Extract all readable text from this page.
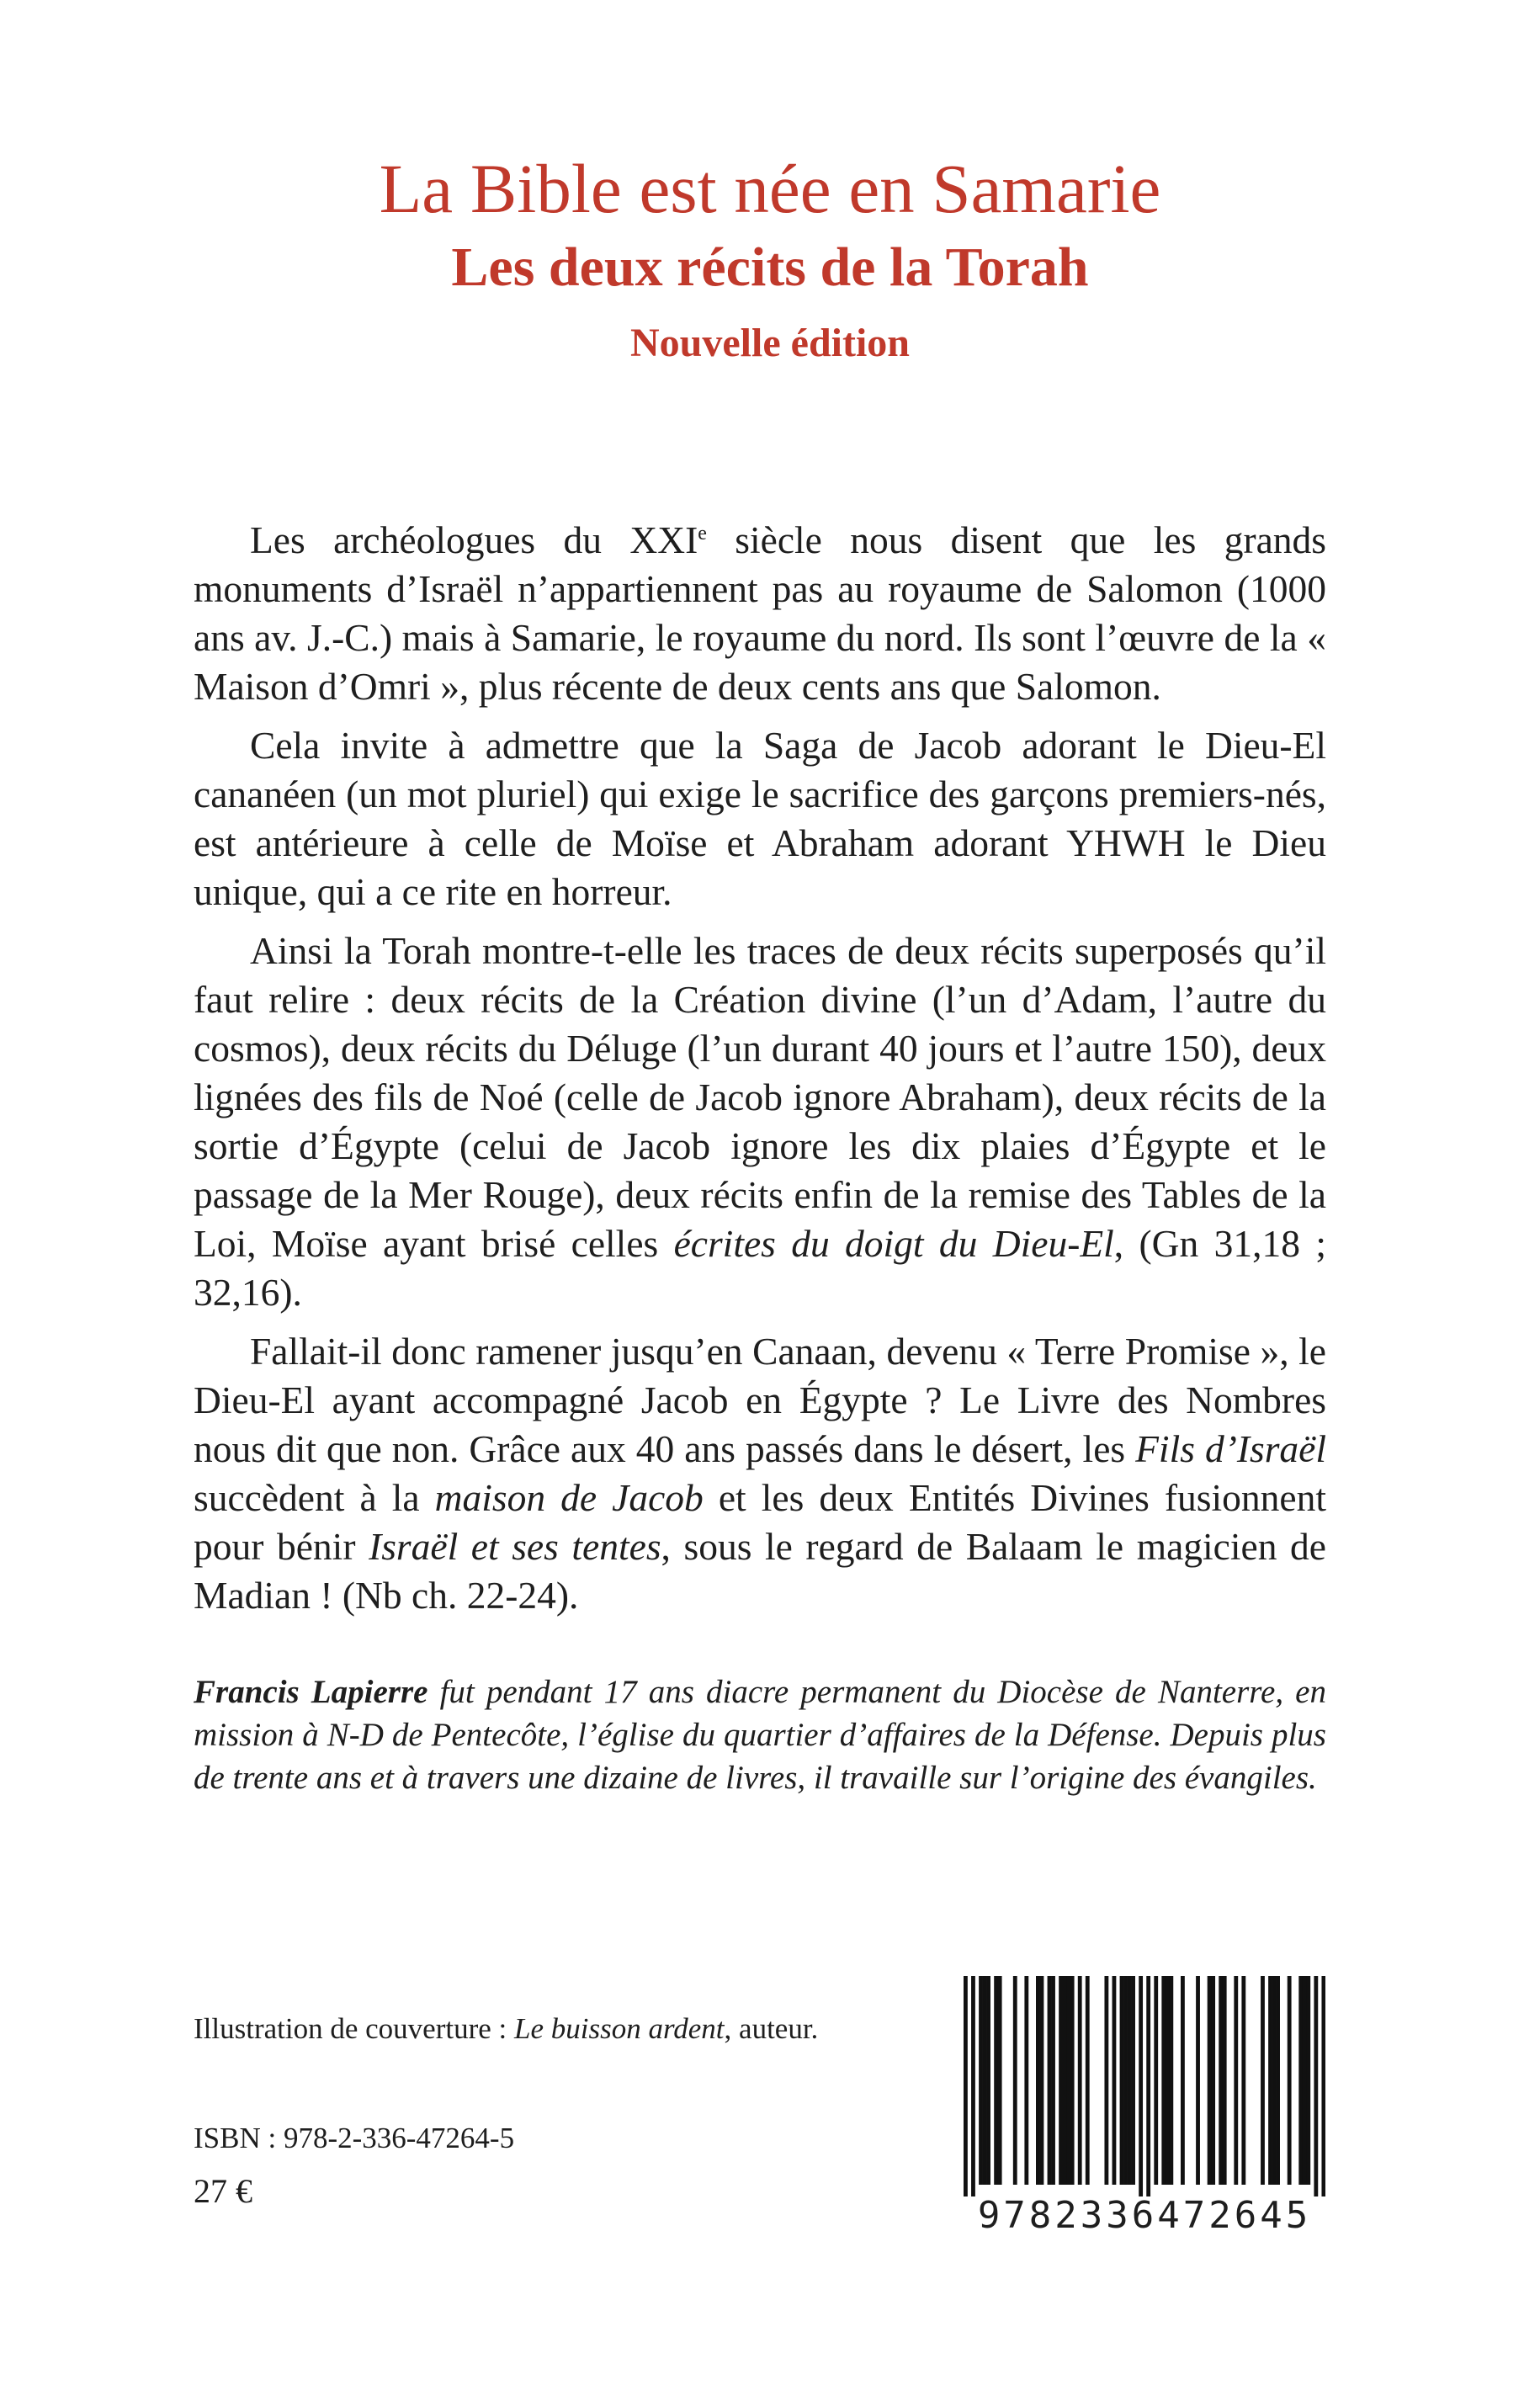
La Bible est née en Samarie
Les deux récits de la Torah
Nouvelle édition

Les archéologues du XXIe siècle nous disent que les grands monuments d’Israël n’appartiennent pas au royaume de Salomon (1000 ans av. J.-C.) mais à Samarie, le royaume du nord. Ils sont l’œuvre de la « Maison d’Omri », plus récente de deux cents ans que Salomon.

Cela invite à admettre que la Saga de Jacob adorant le Dieu-El cananéen (un mot pluriel) qui exige le sacrifice des garçons premiers-nés, est antérieure à celle de Moïse et Abraham adorant YHWH le Dieu unique, qui a ce rite en horreur.

Ainsi la Torah montre-t-elle les traces de deux récits superposés qu’il faut relire : deux récits de la Création divine (l’un d’Adam, l’autre du cosmos), deux récits du Déluge (l’un durant 40 jours et l’autre 150), deux lignées des fils de Noé (celle de Jacob ignore Abraham), deux récits de la sortie d’Égypte (celui de Jacob ignore les dix plaies d’Égypte et le passage de la Mer Rouge), deux récits enfin de la remise des Tables de la Loi, Moïse ayant brisé celles écrites du doigt du Dieu-El, (Gn 31,18 ; 32,16).

Fallait-il donc ramener jusqu’en Canaan, devenu « Terre Promise », le Dieu-El ayant accompagné Jacob en Égypte ? Le Livre des Nombres nous dit que non. Grâce aux 40 ans passés dans le désert, les Fils d’Israël succèdent à la maison de Jacob et les deux Entités Divines fusionnent pour bénir Israël et ses tentes, sous le regard de Balaam le magicien de Madian ! (Nb ch. 22-24).

Francis Lapierre fut pendant 17 ans diacre permanent du Diocèse de Nanterre, en mission à N-D de Pentecôte, l’église du quartier d’affaires de la Défense. Depuis plus de trente ans et à travers une dizaine de livres, il travaille sur l’origine des évangiles.
Illustration de couverture : Le buisson ardent, auteur.
ISBN : 978-2-336-47264-5
27 €
9782336472645
